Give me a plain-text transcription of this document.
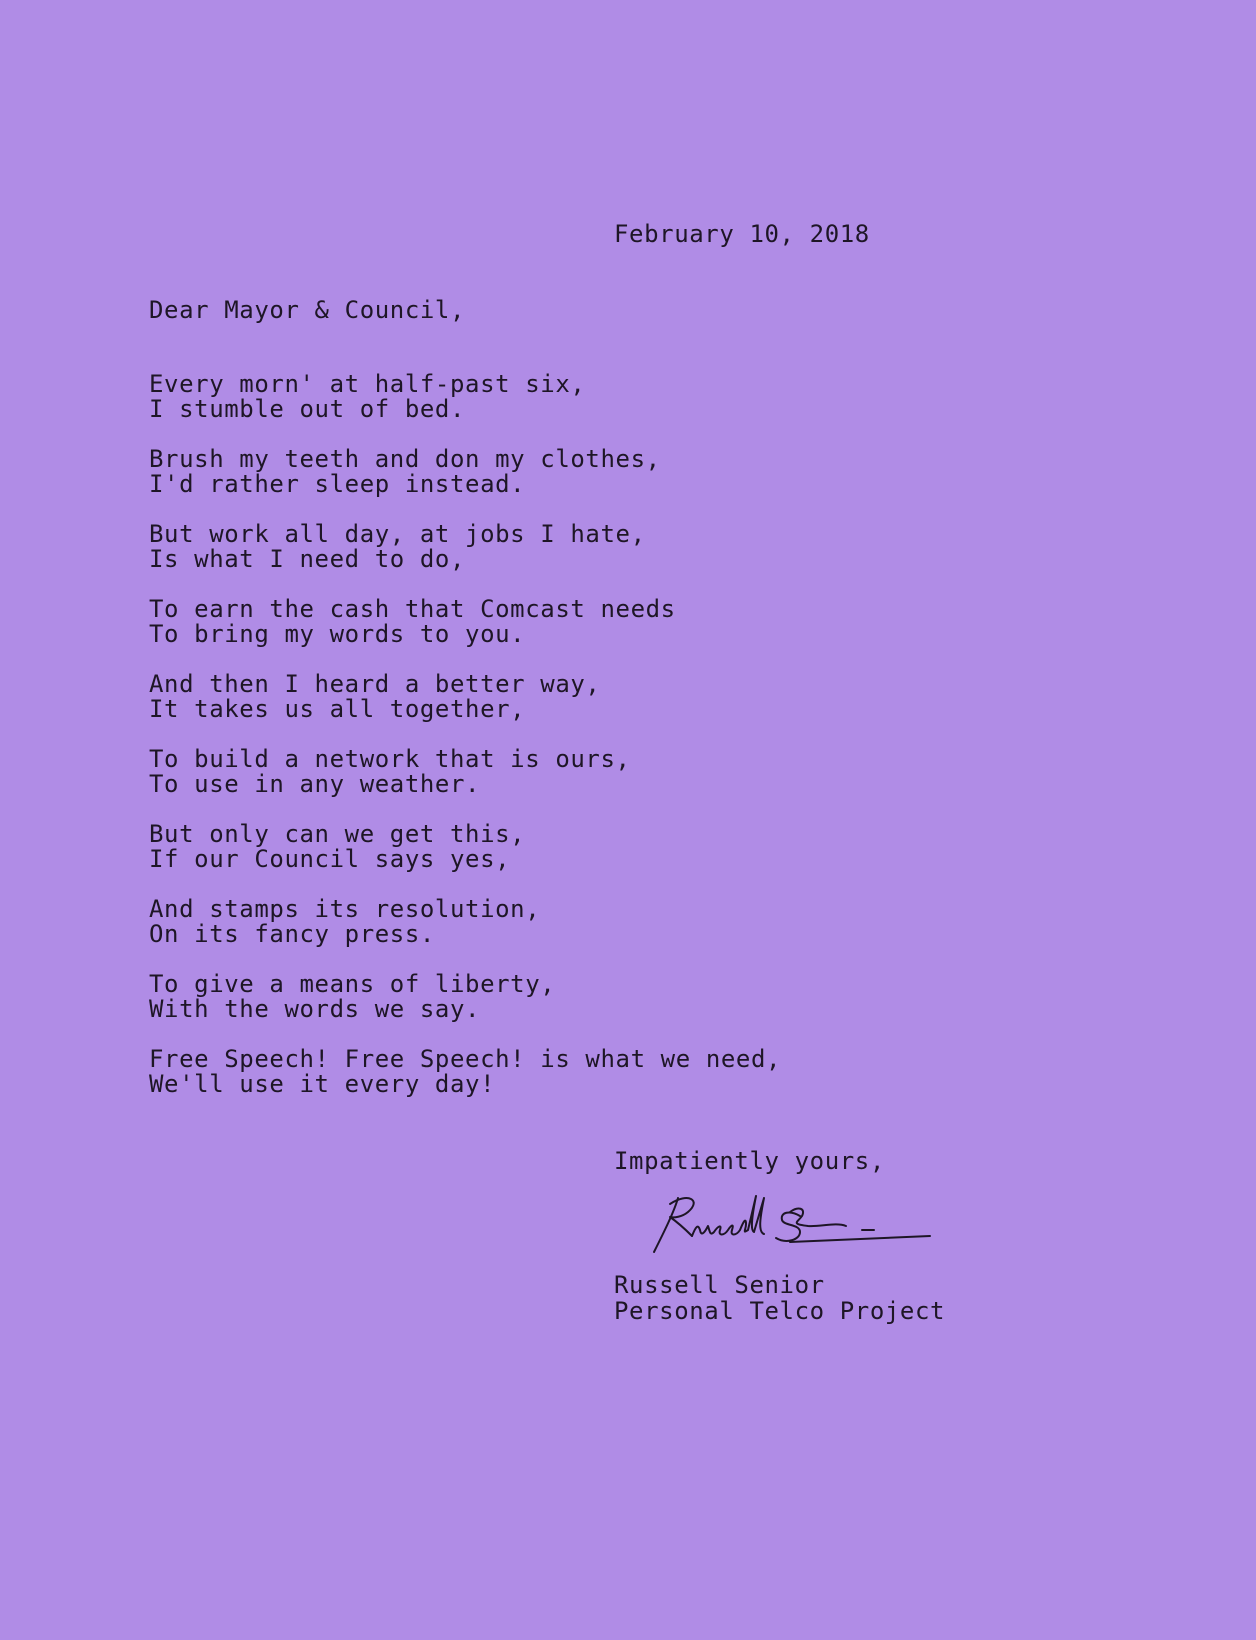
February 10, 2018
Dear Mayor & Council,
Every morn' at half-past six,
I stumble out of bed.
Brush my teeth and don my clothes,
I'd rather sleep instead.
But work all day, at jobs I hate,
Is what I need to do,
To earn the cash that Comcast needs
To bring my words to you.
And then I heard a better way,
It takes us all together,
To build a network that is ours,
To use in any weather.
But only can we get this,
If our Council says yes,
And stamps its resolution,
On its fancy press.
To give a means of liberty,
With the words we say.
Free Speech! Free Speech! is what we need,
We'll use it every day!
Impatiently yours,
Russell Senior
Personal Telco Project
